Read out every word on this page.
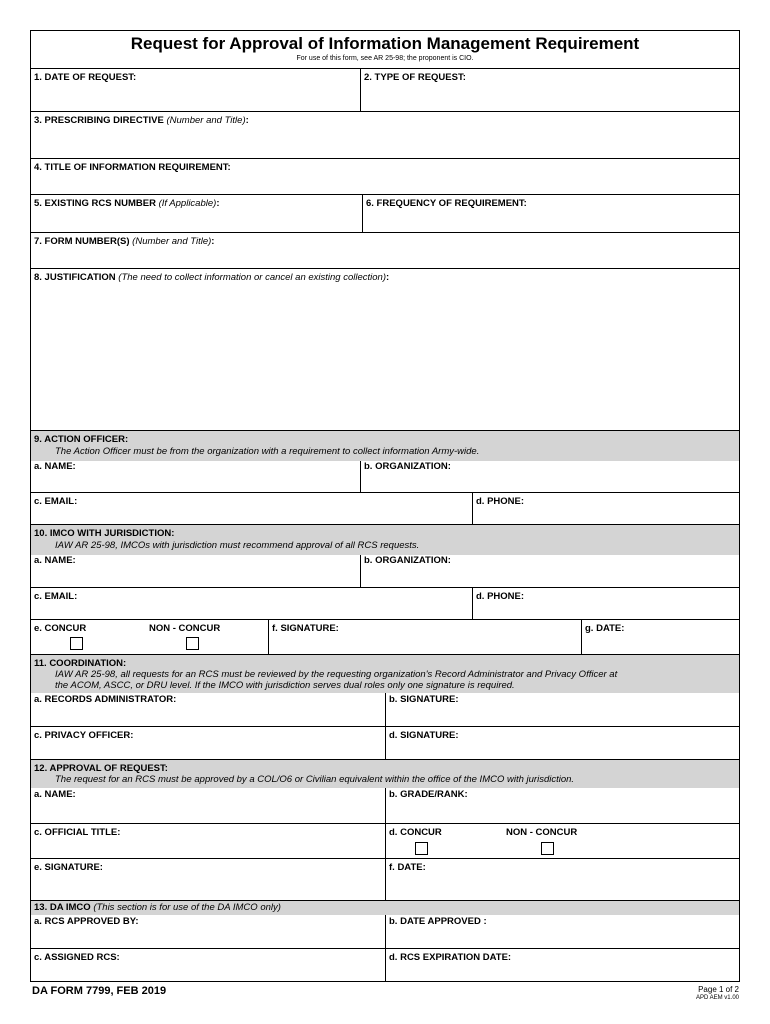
Request for Approval of Information Management Requirement
For use of this form, see AR 25-98; the proponent is CIO.
1. DATE OF REQUEST:	2. TYPE OF REQUEST:
3. PRESCRIBING DIRECTIVE (Number and Title):
4. TITLE OF INFORMATION REQUIREMENT:
5. EXISTING RCS NUMBER (If Applicable):	6. FREQUENCY OF REQUIREMENT:
7. FORM NUMBER(S) (Number and Title):
8. JUSTIFICATION (The need to collect information or cancel an existing collection):
9. ACTION OFFICER:
The Action Officer must be from the organization with a requirement to collect information Army-wide.
a. NAME:	b. ORGANIZATION:
c. EMAIL:	d. PHONE:
10. IMCO WITH JURISDICTION:
IAW AR 25-98, IMCOs with jurisdiction must recommend approval of all RCS requests.
a. NAME:	b. ORGANIZATION:
c. EMAIL:	d. PHONE:
e. CONCUR	NON - CONCUR	f. SIGNATURE:	g. DATE:
11. COORDINATION:
IAW AR 25-98, all requests for an RCS must be reviewed by the requesting organization's Record Administrator and Privacy Officer at
the ACOM, ASCC, or DRU level. If the IMCO with jurisdiction serves dual roles only one signature is required.
a. RECORDS ADMINISTRATOR:	b. SIGNATURE:
c. PRIVACY OFFICER:	d. SIGNATURE:
12. APPROVAL OF REQUEST:
The request for an RCS must be approved by a COL/O6 or Civilian equivalent within the office of the IMCO with jurisdiction.
a. NAME:	b. GRADE/RANK:
c. OFFICIAL TITLE:	d. CONCUR	NON - CONCUR
e. SIGNATURE:	f. DATE:
13. DA IMCO (This section is for use of the DA IMCO only)
a. RCS APPROVED BY:	b. DATE APPROVED :
c. ASSIGNED RCS:	d. RCS EXPIRATION DATE:
DA FORM 7799, FEB 2019	Page 1 of 2
APD AEM v1.00
